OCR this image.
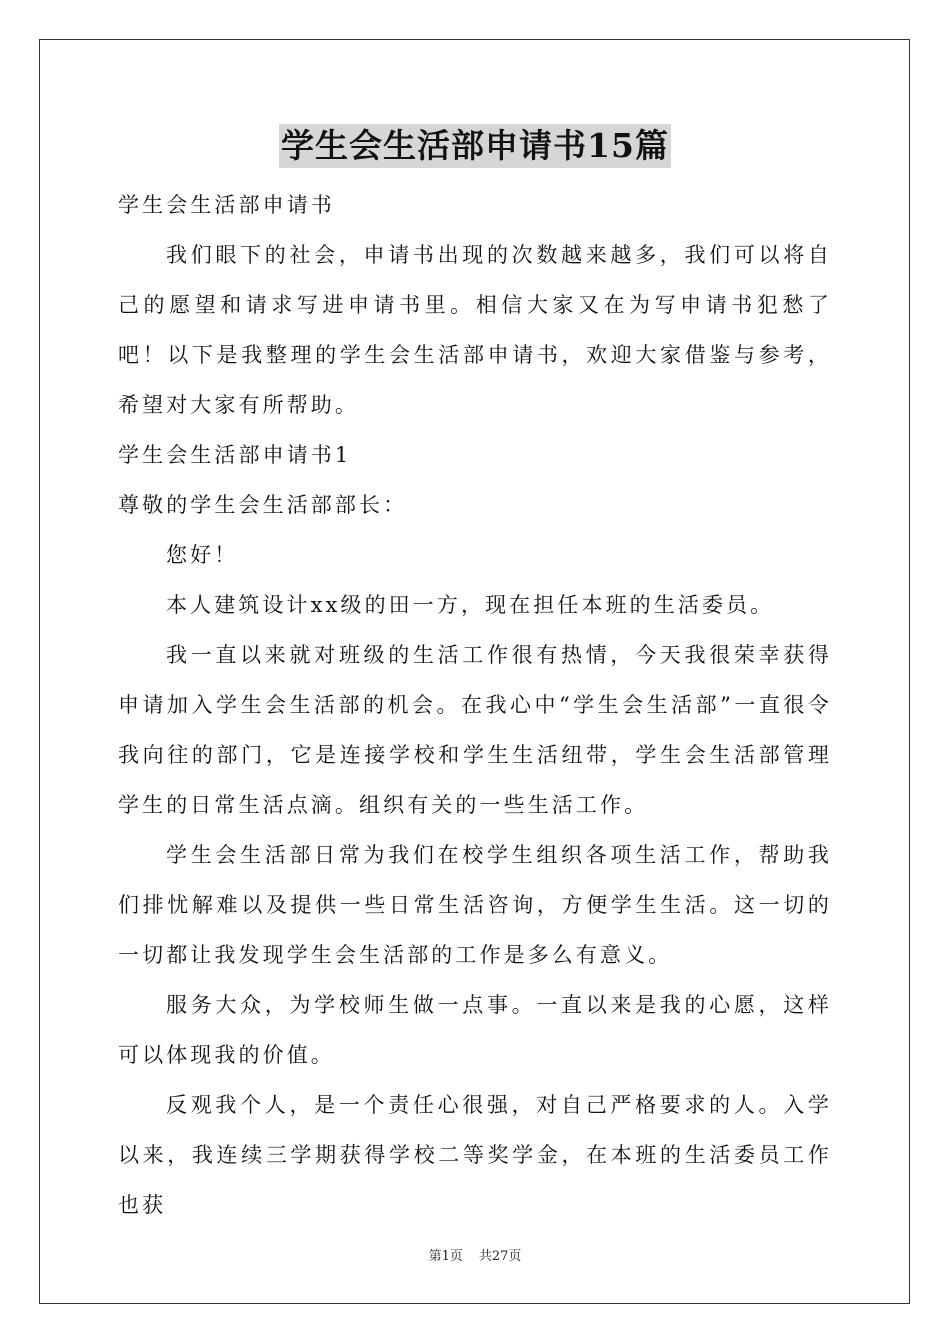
学生会生活部申请书15篇

学生会生活部申请书

我们眼下的社会，申请书出现的次数越来越多，我们可以将自己的愿望和请求写进申请书里。相信大家又在为写申请书犯愁了吧！以下是我整理的学生会生活部申请书，欢迎大家借鉴与参考，希望对大家有所帮助。

学生会生活部申请书1

尊敬的学生会生活部部长：

您好！

本人建筑设计xx级的田一方，现在担任本班的生活委员。

我一直以来就对班级的生活工作很有热情，今天我很荣幸获得申请加入学生会生活部的机会。在我心中“学生会生活部”一直很令我向往的部门，它是连接学校和学生生活纽带，学生会生活部管理学生的日常生活点滴。组织有关的一些生活工作。

学生会生活部日常为我们在校学生组织各项生活工作，帮助我们排忧解难以及提供一些日常生活咨询，方便学生生活。这一切的一切都让我发现学生会生活部的工作是多么有意义。

服务大众，为学校师生做一点事。一直以来是我的心愿，这样可以体现我的价值。

反观我个人，是一个责任心很强，对自己严格要求的人。入学以来，我连续三学期获得学校二等奖学金，在本班的生活委员工作也获

第1页 共27页
